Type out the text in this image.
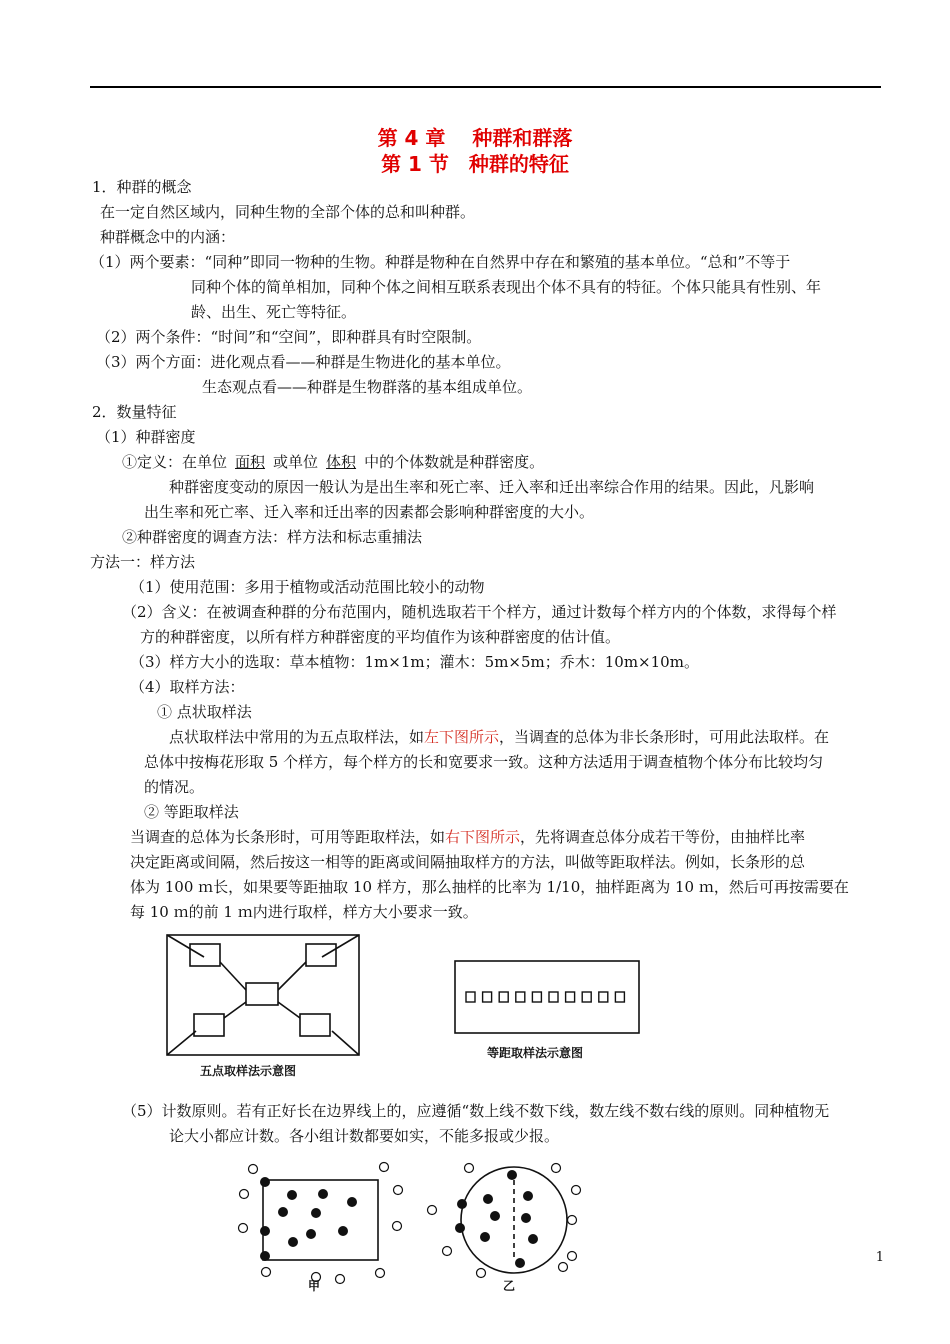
第 4 章　 种群和群落
第 1 节　种群的特征
1．种群的概念
在一定自然区域内，同种生物的全部个体的总和叫种群。
种群概念中的内涵：
（1）两个要素：“同种”即同一物种的生物。种群是物种在自然界中存在和繁殖的基本单位。“总和”不等于
同种个体的简单相加，同种个体之间相互联系表现出个体不具有的特征。个体只能具有性别、年
龄、出生、死亡等特征。
（2）两个条件：“时间”和“空间”，即种群具有时空限制。
（3）两个方面：进化观点看——种群是生物进化的基本单位。
生态观点看——种群是生物群落的基本组成单位。
2．数量特征
（1）种群密度
①定义：在单位 面积 或单位 体积 中的个体数就是种群密度。
种群密度变动的原因一般认为是出生率和死亡率、迁入率和迁出率综合作用的结果。因此，凡影响
出生率和死亡率、迁入率和迁出率的因素都会影响种群密度的大小。
②种群密度的调查方法：样方法和标志重捕法
方法一：样方法
（1）使用范围：多用于植物或活动范围比较小的动物
（2）含义：在被调查种群的分布范围内，随机选取若干个样方，通过计数每个样方内的个体数，求得每个样
方的种群密度，以所有样方种群密度的平均值作为该种群密度的估计值。
（3）样方大小的选取：草本植物：1m×1m；灌木：5m×5m；乔木：10m×10m。
（4）取样方法：
① 点状取样法
点状取样法中常用的为五点取样法，如左下图所示，当调查的总体为非长条形时，可用此法取样。在
总体中按梅花形取 5 个样方，每个样方的长和宽要求一致。这种方法适用于调查植物个体分布比较均匀
的情况。
② 等距取样法
当调查的总体为长条形时，可用等距取样法，如右下图所示，先将调查总体分成若干等份，由抽样比率
决定距离或间隔，然后按这一相等的距离或间隔抽取样方的方法，叫做等距取样法。例如，长条形的总
体为 100 ｍ长，如果要等距抽取 10 样方，那么抽样的比率为 1/10，抽样距离为 10 ｍ，然后可再按需要在
每 10 ｍ的前 1 ｍ内进行取样，样方大小要求一致。
五点取样法示意图
等距取样法示意图
（5）计数原则。若有正好长在边界线上的，应遵循“数上线不数下线，数左线不数右线的原则。同种植物无
论大小都应计数。各小组计数都要如实，不能多报或少报。
甲	乙
1
